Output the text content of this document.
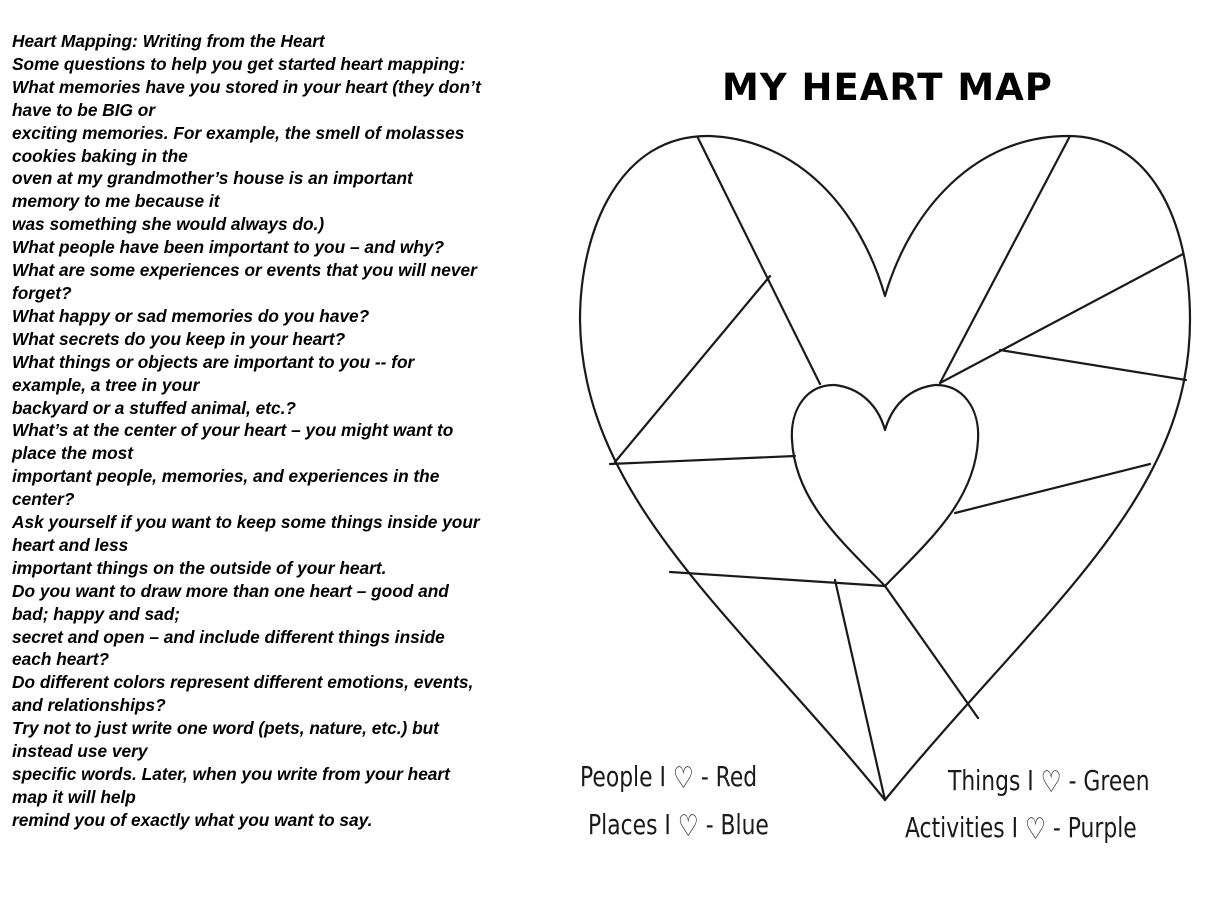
Heart Mapping: Writing from the Heart
Some questions to help you get started heart mapping:
What memories have you stored in your heart (they don’t
have to be BIG or
exciting memories. For example, the smell of molasses
cookies baking in the
oven at my grandmother’s house is an important
memory to me because it
was something she would always do.)
What people have been important to you – and why?
What are some experiences or events that you will never
forget?
What happy or sad memories do you have?
What secrets do you keep in your heart?
What things or objects are important to you -- for
example, a tree in your
backyard or a stuffed animal, etc.?
What’s at the center of your heart – you might want to
place the most
important people, memories, and experiences in the
center?
Ask yourself if you want to keep some things inside your
heart and less
important things on the outside of your heart.
Do you want to draw more than one heart – good and
bad; happy and sad;
secret and open – and include different things inside
each heart?
Do different colors represent different emotions, events,
and relationships?
Try not to just write one word (pets, nature, etc.) but
instead use very
specific words. Later, when you write from your heart
map it will help
remind you of exactly what you want to say.
MY HEART MAP
People I ♡ - Red
Places I ♡ - Blue
Things I ♡ - Green
Activities I ♡ - Purple
